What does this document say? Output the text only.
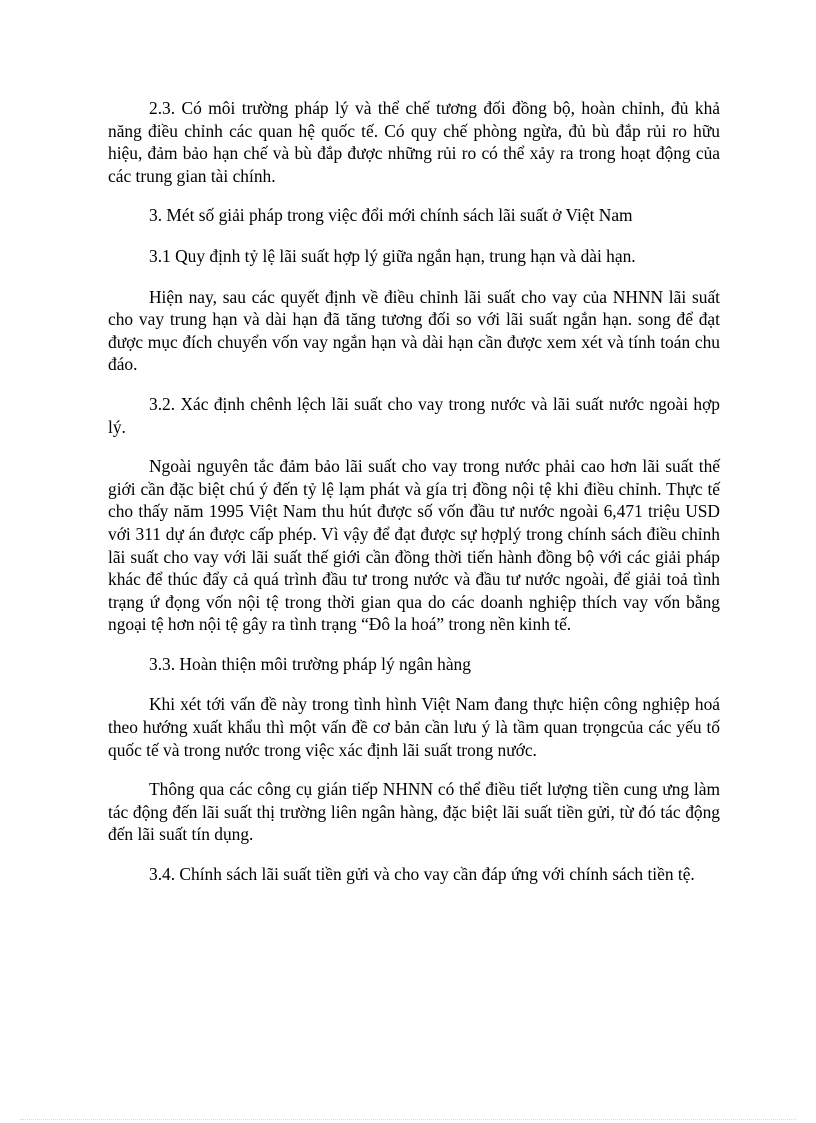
2.3. Có môi trường pháp lý và thể chế tương đối đồng bộ, hoàn chỉnh, đủ khả năng điều chỉnh các quan hệ quốc tế. Có quy chế phòng ngừa, đủ bù đắp rủi ro hữu hiệu, đảm bảo hạn chế và bù đắp được những rủi ro có thể xảy ra trong hoạt động của các trung gian tài chính.

3. Mét số giải pháp trong việc đổi mới chính sách lãi suất ở Việt Nam

3.1 Quy định tỷ lệ lãi suất hợp lý giữa ngắn hạn, trung hạn và dài hạn.

Hiện nay, sau các quyết định về điều chỉnh lãi suất cho vay của NHNN lãi suất cho vay trung hạn và dài hạn đã tăng tương đối so với lãi suất ngắn hạn. song để đạt được mục đích chuyển vốn vay ngắn hạn và dài hạn cần được xem xét và tính toán chu đáo.

3.2. Xác định chênh lệch lãi suất cho vay trong nước và lãi suất nước ngoài hợp lý.

Ngoài nguyên tắc đảm bảo lãi suất cho vay trong nước phải cao hơn lãi suất thế giới cần đặc biệt chú ý đến tỷ lệ lạm phát và gía trị đồng nội tệ khi điều chỉnh. Thực tế cho thấy năm 1995 Việt Nam thu hút được số vốn đầu tư nước ngoài 6,471 triệu USD với 311 dự án được cấp phép. Vì vậy để đạt được sự hợplý trong chính sách điều chỉnh lãi suất cho vay với lãi suất thế giới cần đồng thời tiến hành đồng bộ với các giải pháp khác để thúc đẩy cả quá trình đầu tư trong nước và đầu tư nước ngoài, để giải toả tình trạng ứ đọng vốn nội tệ trong thời gian qua do các doanh nghiệp thích vay vốn bằng ngoại tệ hơn nội tệ gây ra tình trạng “Đô la hoá” trong nền kinh tế.

3.3. Hoàn thiện môi trường pháp lý ngân hàng

Khi xét tới vấn đề này trong tình hình Việt Nam đang thực hiện công nghiệp hoá theo hướng xuất khẩu thì một vấn đề cơ bản cần lưu ý là tầm quan trọngcủa các yếu tố quốc tế và trong nước trong việc xác định lãi suất trong nước.

Thông qua các công cụ gián tiếp NHNN có thể điều tiết lượng tiền cung ưng làm tác động đến lãi suất thị trường liên ngân hàng, đặc biệt lãi suất tiền gửi, từ đó tác động đến lãi suất tín dụng.

3.4. Chính sách lãi suất tiền gửi và cho vay cần đáp ứng với chính sách tiền tệ.
